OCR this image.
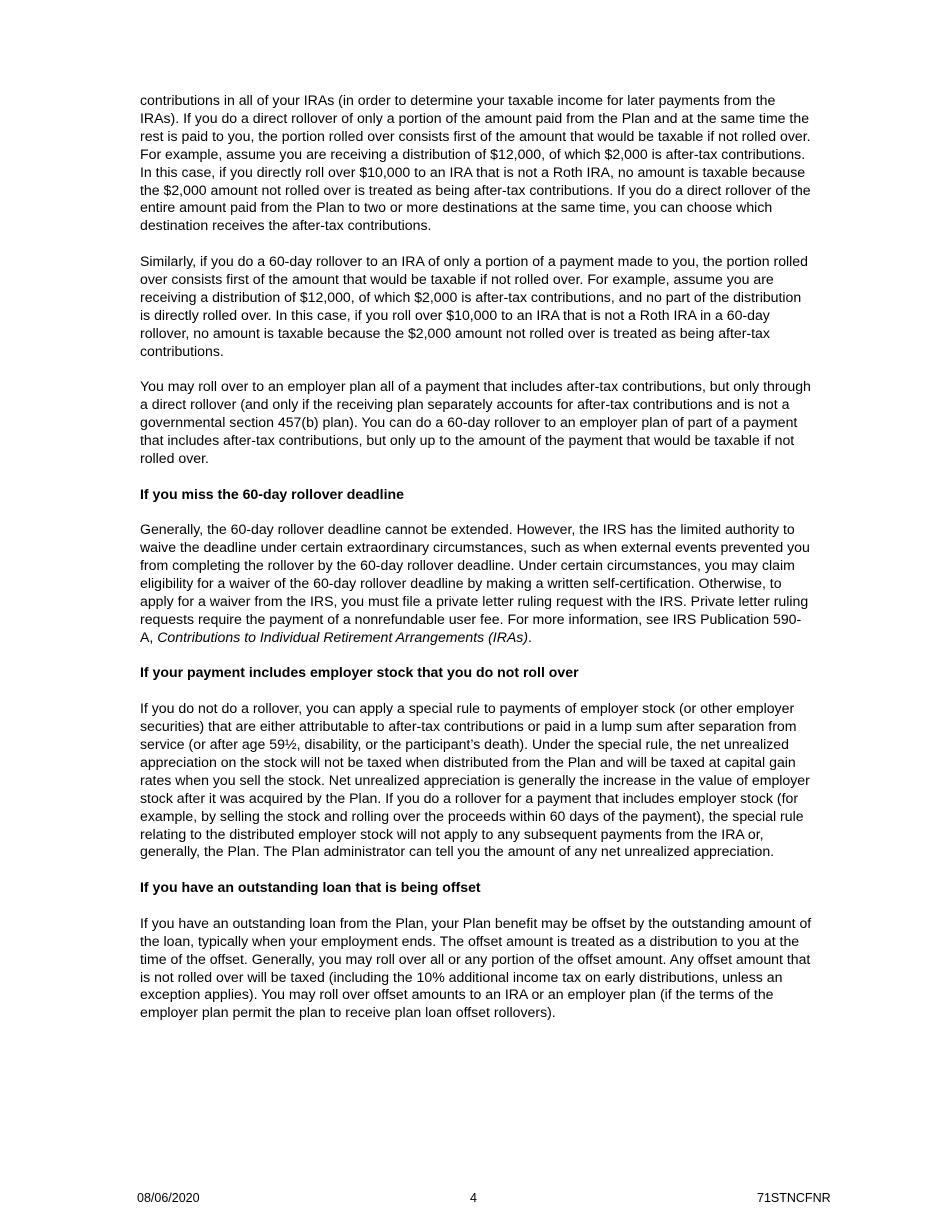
contributions in all of your IRAs (in order to determine your taxable income for later payments from the IRAs). If you do a direct rollover of only a portion of the amount paid from the Plan and at the same time the rest is paid to you, the portion rolled over consists first of the amount that would be taxable if not rolled over. For example, assume you are receiving a distribution of $12,000, of which $2,000 is after-tax contributions. In this case, if you directly roll over $10,000 to an IRA that is not a Roth IRA, no amount is taxable because the $2,000 amount not rolled over is treated as being after-tax contributions. If you do a direct rollover of the entire amount paid from the Plan to two or more destinations at the same time, you can choose which destination receives the after-tax contributions.

Similarly, if you do a 60-day rollover to an IRA of only a portion of a payment made to you, the portion rolled over consists first of the amount that would be taxable if not rolled over. For example, assume you are receiving a distribution of $12,000, of which $2,000 is after-tax contributions, and no part of the distribution is directly rolled over. In this case, if you roll over $10,000 to an IRA that is not a Roth IRA in a 60-day rollover, no amount is taxable because the $2,000 amount not rolled over is treated as being after-tax contributions.

You may roll over to an employer plan all of a payment that includes after-tax contributions, but only through a direct rollover (and only if the receiving plan separately accounts for after-tax contributions and is not a governmental section 457(b) plan). You can do a 60-day rollover to an employer plan of part of a payment that includes after-tax contributions, but only up to the amount of the payment that would be taxable if not rolled over.

If you miss the 60-day rollover deadline

Generally, the 60-day rollover deadline cannot be extended. However, the IRS has the limited authority to waive the deadline under certain extraordinary circumstances, such as when external events prevented you from completing the rollover by the 60-day rollover deadline. Under certain circumstances, you may claim eligibility for a waiver of the 60-day rollover deadline by making a written self-certification. Otherwise, to apply for a waiver from the IRS, you must file a private letter ruling request with the IRS. Private letter ruling requests require the payment of a nonrefundable user fee. For more information, see IRS Publication 590-A, Contributions to Individual Retirement Arrangements (IRAs).

If your payment includes employer stock that you do not roll over

If you do not do a rollover, you can apply a special rule to payments of employer stock (or other employer securities) that are either attributable to after-tax contributions or paid in a lump sum after separation from service (or after age 59½, disability, or the participant’s death). Under the special rule, the net unrealized appreciation on the stock will not be taxed when distributed from the Plan and will be taxed at capital gain rates when you sell the stock. Net unrealized appreciation is generally the increase in the value of employer stock after it was acquired by the Plan. If you do a rollover for a payment that includes employer stock (for example, by selling the stock and rolling over the proceeds within 60 days of the payment), the special rule relating to the distributed employer stock will not apply to any subsequent payments from the IRA or, generally, the Plan. The Plan administrator can tell you the amount of any net unrealized appreciation.

If you have an outstanding loan that is being offset

If you have an outstanding loan from the Plan, your Plan benefit may be offset by the outstanding amount of the loan, typically when your employment ends. The offset amount is treated as a distribution to you at the time of the offset. Generally, you may roll over all or any portion of the offset amount. Any offset amount that is not rolled over will be taxed (including the 10% additional income tax on early distributions, unless an exception applies). You may roll over offset amounts to an IRA or an employer plan (if the terms of the employer plan permit the plan to receive plan loan offset rollovers).

08/06/2020	4	71STNCFNR
